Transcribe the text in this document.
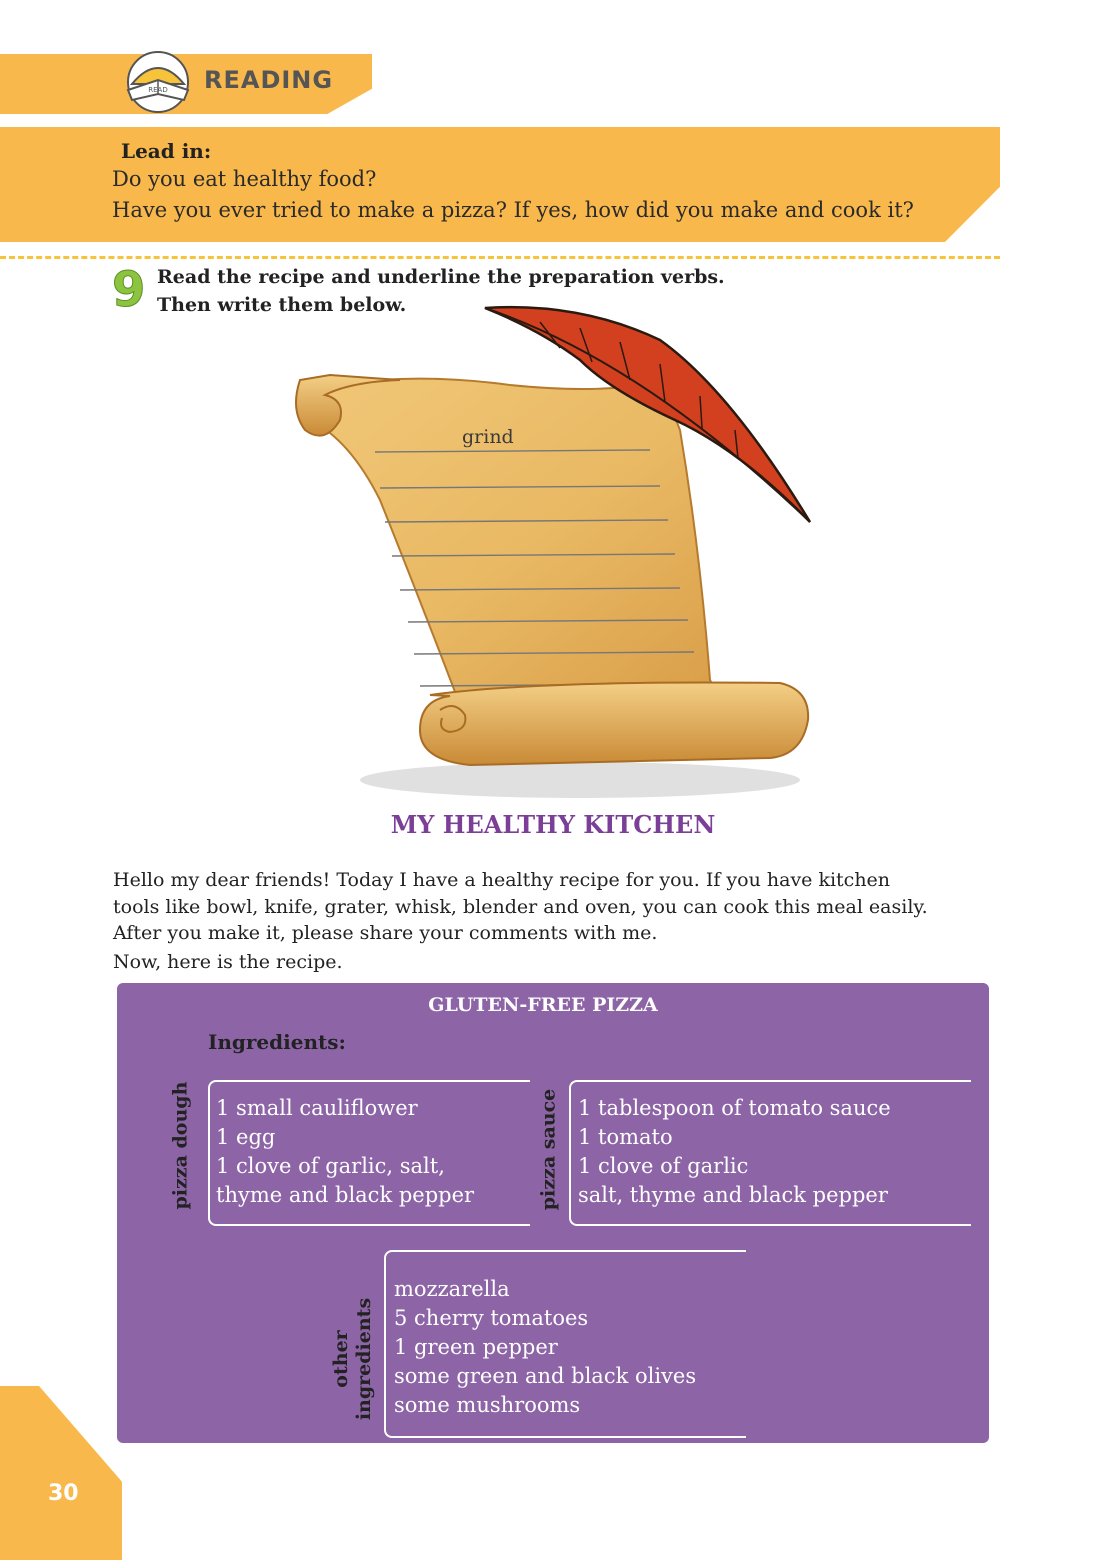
READ READING
Lead in:
Do you eat healthy food?
Have you ever tried to make a pizza? If yes, how did you make and cook it?
9 Read the recipe and underline the preparation verbs.
Then write them below.
grind
MY HEALTHY KITCHEN
Hello my dear friends! Today I have a healthy recipe for you. If you have kitchen
tools like bowl, knife, grater, whisk, blender and oven, you can cook this meal easily.
After you make it, please share your comments with me.
Now, here is the recipe.
GLUTEN-FREE PIZZA
Ingredients:
pizza dough 1 small cauliflower
1 egg
1 clove of garlic, salt,
thyme and black pepper	pizza sauce 1 tablespoon of tomato sauce
1 tomato
1 clove of garlic
salt, thyme and black pepper
other ingredients
mozzarella
5 cherry tomatoes
1 green pepper
some green and black olives
some mushrooms
30
